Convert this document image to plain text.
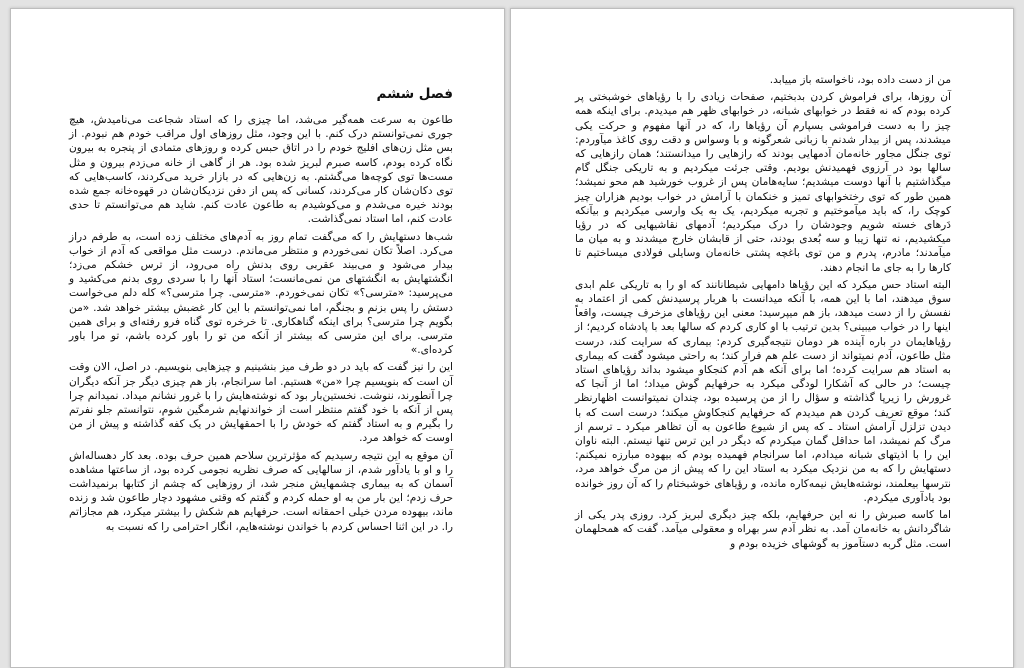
فصل ششم

طاعون به سرعت همه‌گیر می‌شد، اما چیزی را که استاد شجاعت می‌نامیدش، هیچ جوری نمی‌توانستم درک کنم. با این وجود، مثل روزهای اول مراقب خودم هم نبودم. از بس مثل زن‌های افلیج خودم را در اتاق حبس کرده و روزهای متمادی از پنجره به بیرون نگاه کرده بودم، کاسه صبرم لبریز شده بود. هر از گاهی از خانه می‌زدم بیرون و مثل مست‌ها توی کوچه‌ها می‌گشتم. به زن‌هایی که در بازار خرید می‌کردند، کاسب‌هایی که توی دکان‌شان کار می‌کردند، کسانی که پس از دفن نزدیکان‌شان در قهوه‌خانه جمع شده بودند خیره می‌شدم و می‌کوشیدم به طاعون عادت کنم. شاید هم می‌توانستم تا حدی عادت کنم، اما استاد نمی‌گذاشت.

شب‌ها دستهایش را که می‌گفت تمام روز به آدم‌های مختلف زده است، به طرفم دراز می‌کرد. اصلاً تکان نمی‌خوردم و منتظر می‌ماندم. درست مثل مواقعی که آدم از خواب بیدار می‌شود و می‌بیند عقربی روی بدنش راه می‌رود، از ترس خشکم می‌زد؛ انگشتهایش به انگشتهای من نمی‌مانست؛ استاد آنها را با سردی روی بدنم می‌کشید و می‌پرسید: «مترسی؟» تکان نمی‌خوردم. «مترسی. چرا مترسی؟» کله دلم می‌خواست دستش را پس بزنم و بجنگم، اما نمی‌توانستم با این کار غضبش بیشتر خواهد شد. «من بگویم چرا مترسی؟ برای اینکه گناهکاری. تا خرخره توی گناه فرو رفته‌ای و برای همین مترسی. برای این مترسی که بیشتر از آنکه من تو را باور کرده باشم، تو مرا باور کرده‌ای.»

این را نیز گفت که باید در دو طرف میز بنشینیم و چیزهایی بنویسیم. در اصل، الان وقت آن است که بنویسیم چرا «من» هستیم. اما سرانجام، باز هم چیزی دیگر جز آنکه دیگران چرا آنطورند، ننوشت. نخستین‌بار بود که نوشته‌هایش را با غرور نشانم میداد. نمیدانم چرا پس از آنکه با خود گفتم منتظر است از خواندنهایم شرمگین شوم، نتوانستم جلو نفرتم را بگیرم و به استاد گفتم که خودش را با احمقهایش در یک کفه گذاشته و پیش از من اوست که خواهد مرد.

آن موقع به این نتیجه رسیدیم که مؤثرترین سلاحم همین حرف بوده. بعد کار دهساله‌اش را و او با یادآور شدم، از سالهایی که صرف نظریه نجومی کرده بود، از ساعتها مشاهده آسمان که به بیماری چشمهایش منجر شد، از روزهایی که چشم از کتابها برنمیداشت حرف زدم؛ این بار من به او حمله کردم و گفتم که وقتی مشهود دچار طاعون شد و زنده ماند، بیهوده مردن خیلی احمقانه است. حرفهایم هم شکش را بیشتر میکرد، هم مجازاتم را. در این اثنا احساس کردم با خواندن نوشته‌هایم، انگار احترامی را که نسبت به

من از دست داده بود، ناخواسته باز مییابد.

آن روزها، برای فراموش کردن بدبختیم، صفحات زیادی را با رؤیاهای خوشبختی پر کرده بودم که نه فقط در خوابهای شبانه، در خوابهای ظهر هم میدیدم. برای اینکه همه چیز را به دست فراموشی بسپارم آن رؤیاها را، که در آنها مفهوم و حرکت یکی میشدند، پس از بیدار شدنم با زبانی شعرگونه و با وسواس و دقت روی کاغذ میآوردم: توی جنگل مجاور خانه‌مان آدمهایی بودند که رازهایی را میدانستند؛ همان رازهایی که سالها بود در آرزوی فهمیدنش بودیم. وقتی جرئت میکردیم و به تاریکی جنگل گام میگذاشتیم با آنها دوست میشدیم؛ سایه‌هامان پس از غروب خورشید هم محو نمیشد؛ همین طور که توی رختخوابهای تمیز و خنکمان با آرامش در خواب بودیم هزاران چیز کوچک را، که باید میآموختیم و تجربه میکردیم، یک به یک وارسی میکردیم و بیآنکه دَرهای خسته شویم وجودشان را درک میکردیم؛ آدمهای نقاشیهایی که در رؤیا میکشیدیم، نه تنها زیبا و سه بُعدی بودند، حتی از قابشان خارج میشدند و به میان ما میآمدند؛ مادرم، پدرم و من توی باغچه پشتی خانه‌مان وسایلی فولادی میساختیم تا کارها را به جای ما انجام دهند.

البته استاد حس میکرد که این رؤیاها دامهایی شیطانانند که او را به تاریکی علم ابدی سوق میدهند، اما با این همه، با آنکه میدانست با هربار پرسیدنش کمی از اعتماد به نفسش را از دست میدهد، باز هم میپرسید: معنی این رؤیاهای مزخرف چیست، واقعاً اینها را در خواب میبینی؟ بدین ترتیب با او کاری کردم که سالها بعد با پادشاه کردیم؛ از رؤیاهایمان در باره آینده هر دومان نتیجه‌گیری کردم: بیماری که سرایت کند، درست مثل طاعون، آدم نمیتواند از دست علم هم فرار کند؛ به راحتی میشود گفت که بیماری به استاد هم سرایت کرده؛ اما برای آنکه هم آدم کنجکاو میشود بداند رؤیاهای استاد چیست؛ در حالی که آشکارا لودگی میکرد به حرفهایم گوش میداد؛ اما از آنجا که غرورش را زیرپا گذاشته و سؤال را از من پرسیده بود، چندان نمیتوانست اظهارنظر کند؛ موقع تعریف کردن هم میدیدم که حرفهایم کنجکاوش میکند؛ درست است که با دیدن تزلزل آرامش استاد ـ که پس از شیوع طاعون به آن تظاهر میکرد ـ ترسم از مرگ کم نمیشد، اما حداقل گمان میکردم که دیگر در این ترس تنها نیستم. البته ناوان این را با اذیتهای شبانه میدادم، اما سرانجام فهمیده بودم که بیهوده مبارزه نمیکنم: دستهایش را که به من نزدیک میکرد به استاد این را که پیش از من مرگ خواهد مرد، نترسها بیعلمند، نوشته‌هایش نیمه‌کاره مانده، و رؤیاهای خوشبختام را که آن روز خوانده بود یادآوری میکردم.

اما کاسه صبرش را نه این حرفهایم، بلکه چیز دیگری لبریز کرد. روزی پدر یکی از شاگردانش به خانه‌مان آمد. به نظر آدم سر بهراه و معقولی میآمد. گفت که همحلهمان است. مثل گربه دستآموز به گوشهای خزیده بودم و
